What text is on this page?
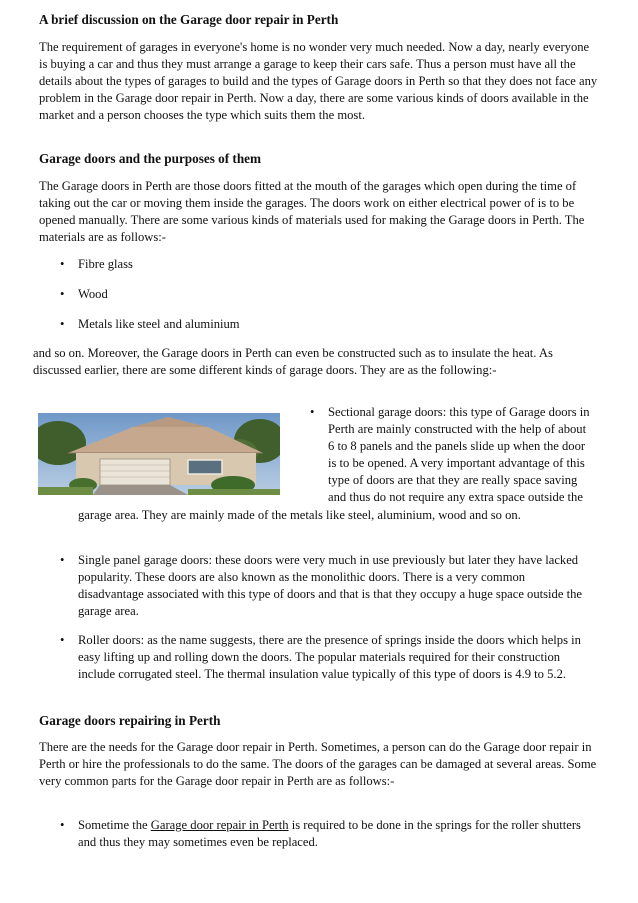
A brief discussion on the Garage door repair in Perth

The requirement of garages in everyone's home is no wonder very much needed. Now a day, nearly everyone is buying a car and thus they must arrange a garage to keep their cars safe. Thus a person must have all the details about the types of garages to build and the types of Garage doors in Perth so that they does not face any problem in the Garage door repair in Perth. Now a day, there are some various kinds of doors available in the market and a person chooses the type which suits them the most.

Garage doors and the purposes of them

The Garage doors in Perth are those doors fitted at the mouth of the garages which open during the time of taking out the car or moving them inside the garages. The doors work on either electrical power of is to be opened manually. There are some various kinds of materials used for making the Garage doors in Perth. The materials are as follows:-

• Fibre glass
• Wood
• Metals like steel and aluminium

and so on. Moreover, the Garage doors in Perth can even be constructed such as to insulate the heat. As discussed earlier, there are some different kinds of garage doors. They are as the following:-

• Sectional garage doors: this type of Garage doors in Perth are mainly constructed with the help of about 6 to 8 panels and the panels slide up when the door is to be opened. A very important advantage of this type of doors are that they are really space saving and thus do not require any extra space outside the

garage area. They are mainly made of the metals like steel, aluminium, wood and so on.

• Single panel garage doors: these doors were very much in use previously but later they have lacked popularity. These doors are also known as the monolithic doors. There is a very common disadvantage associated with this type of doors and that is that they occupy a huge space outside the garage area.
• Roller doors: as the name suggests, there are the presence of springs inside the doors which helps in easy lifting up and rolling down the doors. The popular materials required for their construction include corrugated steel. The thermal insulation value typically of this type of doors is 4.9 to 5.2.
Garage doors repairing in Perth

There are the needs for the Garage door repair in Perth. Sometimes, a person can do the Garage door repair in Perth or hire the professionals to do the same. The doors of the garages can be damaged at several areas. Some very common parts for the Garage door repair in Perth are as follows:-

• Sometime the Garage door repair in Perth is required to be done in the springs for the roller shutters and thus they may sometimes even be replaced.
